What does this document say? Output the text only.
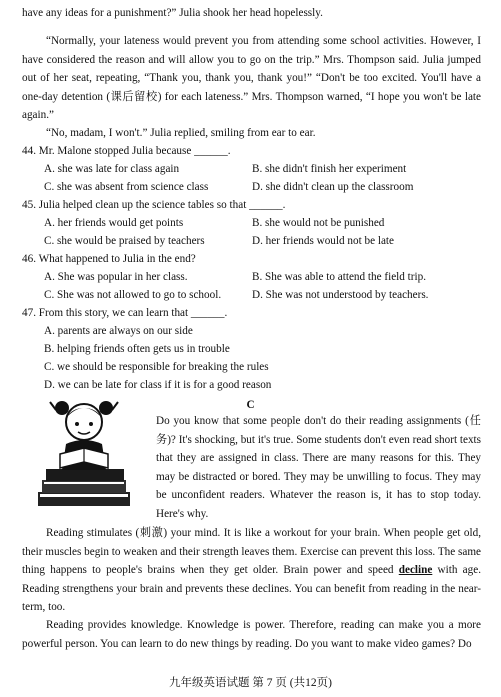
have any ideas for a punishment?” Julia shook her head hopelessly.
“Normally, your lateness would prevent you from attending some school activities. However, I have considered the reason and will allow you to go on the trip.” Mrs. Thompson said. Julia jumped out of her seat, repeating, “Thank you, thank you, thank you!” “Don't be too excited. You'll have a one-day detention (课后留校) for each lateness.” Mrs. Thompson warned, “I hope you won't be late again.”
“No, madam, I won't.” Julia replied, smiling from ear to ear.
44. Mr. Malone stopped Julia because ______.
A. she was late for class again	B. she didn't finish her experiment
C. she was absent from science class	D. she didn't clean up the classroom
45. Julia helped clean up the science tables so that ______.
A. her friends would get points	B. she would not be punished
C. she would be praised by teachers	D. her friends would not be late
46. What happened to Julia in the end?
A. She was popular in her class.	B. She was able to attend the field trip.
C. She was not allowed to go to school.	D. She was not understood by teachers.
47. From this story, we can learn that ______.
A. parents are always on our side
B. helping friends often gets us in trouble
C. we should be responsible for breaking the rules
D. we can be late for class if it is for a good reason
C
Do you know that some people don't do their reading assignments (任务)? It's shocking, but it's true. Some students don't even read short texts that they are assigned in class. There are many reasons for this. They may be distracted or bored. They may be unwilling to focus. They may be unconfident readers. Whatever the reason is, it has to stop today. Here's why.
Reading stimulates (刺激) your mind. It is like a workout for your brain. When people get old, their muscles begin to weaken and their strength leaves them. Exercise can prevent this loss. The same thing happens to people's brains when they get older. Brain power and speed decline with age. Reading strengthens your brain and prevents these declines. You can benefit from reading in the near-term, too.
Reading provides knowledge. Knowledge is power. Therefore, reading can make you a more powerful person. You can learn to do new things by reading. Do you want to make video games? Do
九年级英语试题 第 7 页 (共12页)
